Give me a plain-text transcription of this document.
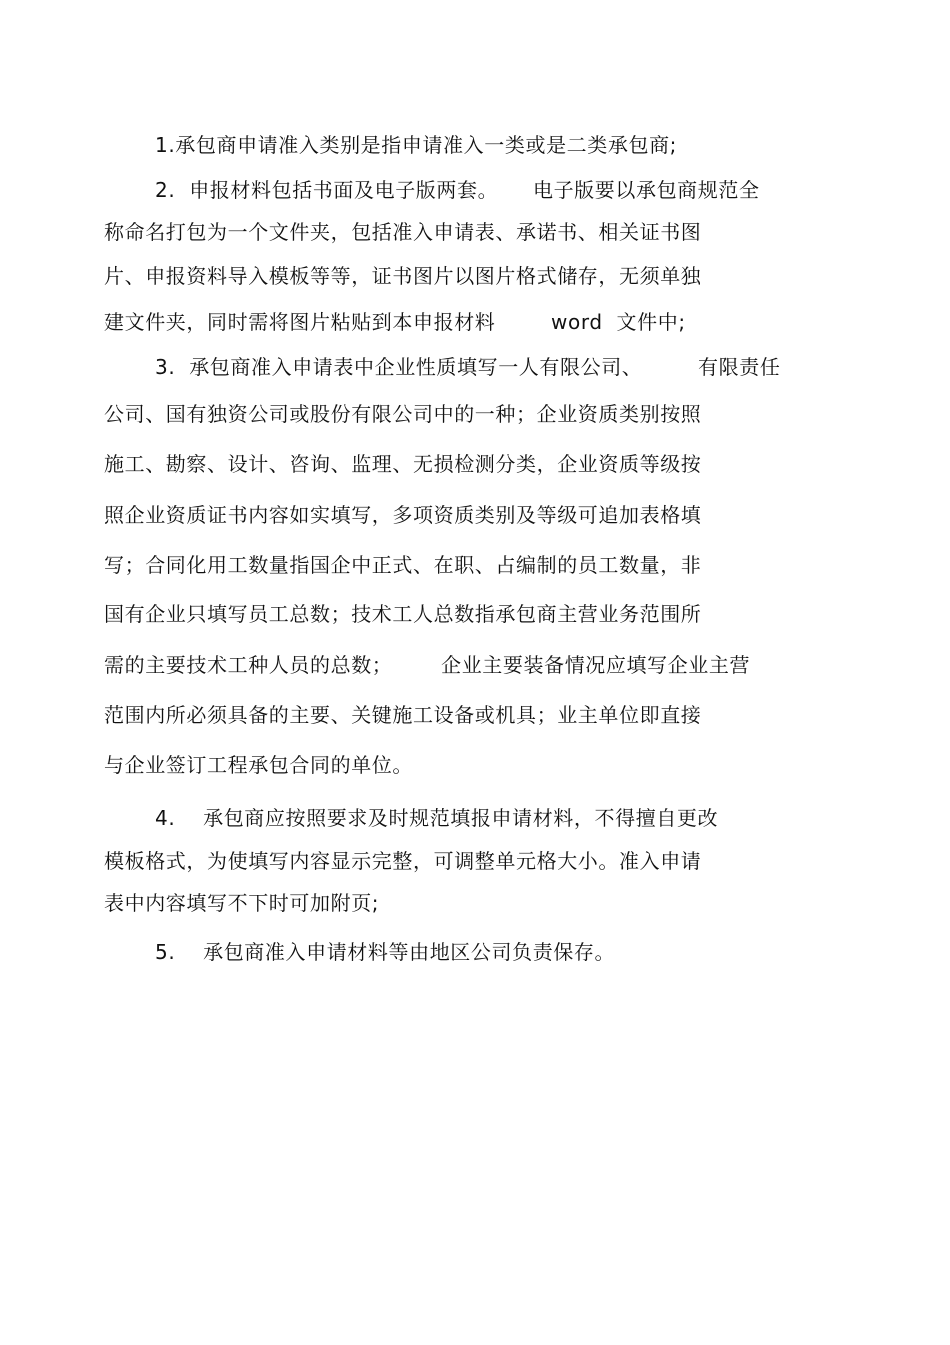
1.承包商申请准入类别是指申请准入一类或是二类承包商;
2.  申报材料包括书面及电子版两套。     电子版要以承包商规范全
称命名打包为一个文件夹，包括准入申请表、承诺书、相关证书图
片、申报资料导入模板等等，证书图片以图片格式储存，无须单独
建文件夹，同时需将图片粘贴到本申报材料        word  文件中;
3.  承包商准入申请表中企业性质填写一人有限公司、        有限责任
公司、国有独资公司或股份有限公司中的一种；企业资质类别按照
施工、勘察、设计、咨询、监理、无损检测分类，企业资质等级按
照企业资质证书内容如实填写，多项资质类别及等级可追加表格填
写；合同化用工数量指国企中正式、在职、占编制的员工数量，非
国有企业只填写员工总数；技术工人总数指承包商主营业务范围所
需的主要技术工种人员的总数；       企业主要装备情况应填写企业主营
范围内所必须具备的主要、关键施工设备或机具；业主单位即直接
与企业签订工程承包合同的单位。
4.    承包商应按照要求及时规范填报申请材料，不得擅自更改
模板格式，为使填写内容显示完整，可调整单元格大小。准入申请
表中内容填写不下时可加附页;
5.    承包商准入申请材料等由地区公司负责保存。
